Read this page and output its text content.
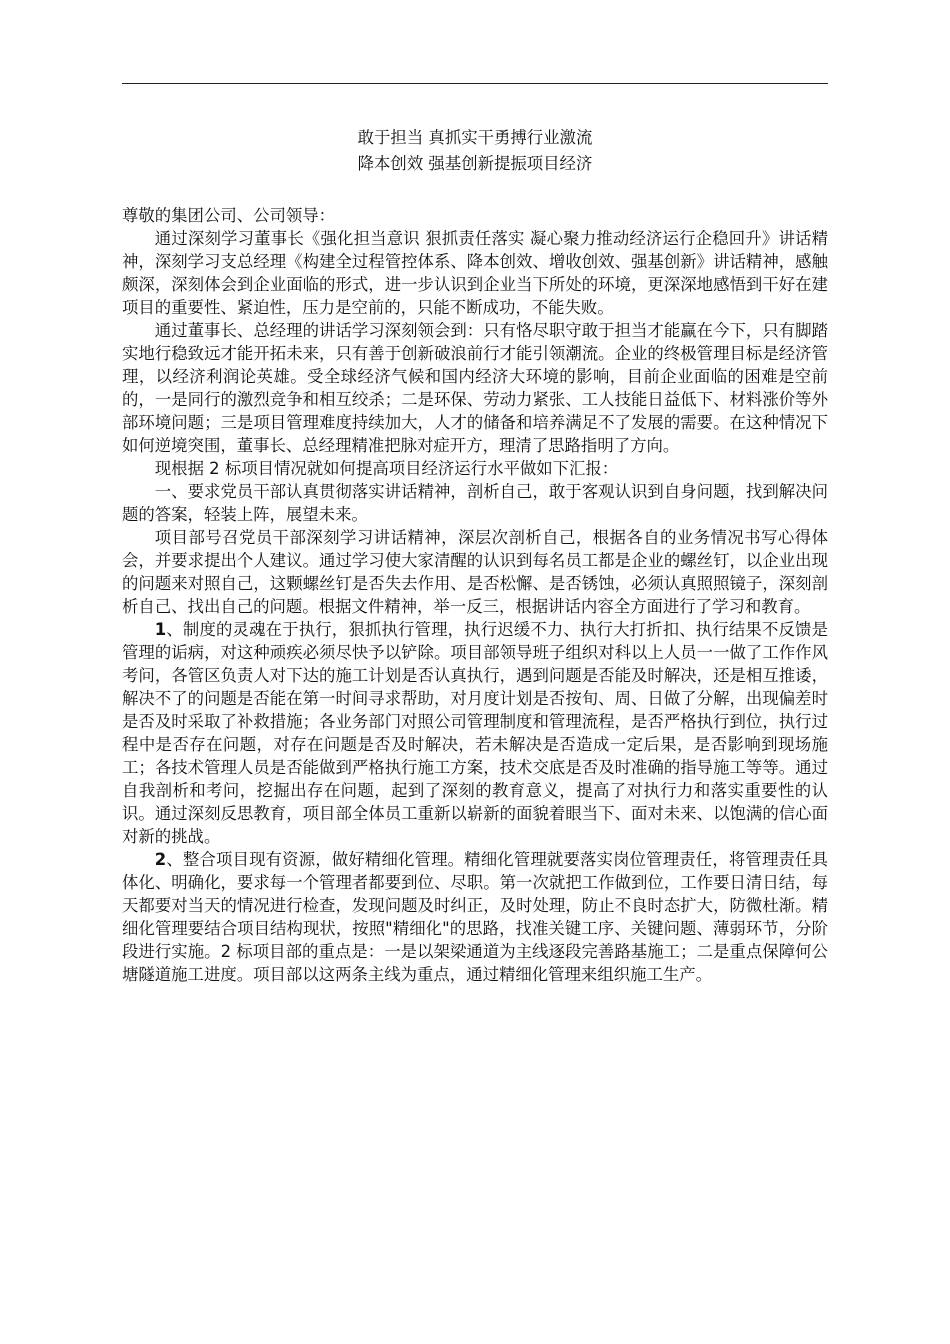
敢于担当 真抓实干勇搏行业激流
降本创效 强基创新提振项目经济

尊敬的集团公司、公司领导：

通过深刻学习董事长《强化担当意识 狠抓责任落实 凝心聚力推动经济运行企稳回升》讲话精神，深刻学习支总经理《构建全过程管控体系、降本创效、增收创效、强基创新》讲话精神，感触颇深，深刻体会到企业面临的形式，进一步认识到企业当下所处的环境，更深深地感悟到干好在建项目的重要性、紧迫性，压力是空前的，只能不断成功，不能失败。

通过董事长、总经理的讲话学习深刻领会到：只有恪尽职守敢于担当才能赢在今下，只有脚踏实地行稳致远才能开拓未来，只有善于创新破浪前行才能引领潮流。企业的终极管理目标是经济管理，以经济利润论英雄。受全球经济气候和国内经济大环境的影响，目前企业面临的困难是空前的，一是同行的激烈竞争和相互绞杀；二是环保、劳动力紧张、工人技能日益低下、材料涨价等外部环境问题；三是项目管理难度持续加大，人才的储备和培养满足不了发展的需要。在这种情况下如何逆境突围，董事长、总经理精准把脉对症开方，理清了思路指明了方向。

现根据 2 标项目情况就如何提高项目经济运行水平做如下汇报：

一、要求党员干部认真贯彻落实讲话精神，剖析自己，敢于客观认识到自身问题，找到解决问题的答案，轻装上阵，展望未来。

项目部号召党员干部深刻学习讲话精神，深层次剖析自己，根据各自的业务情况书写心得体会，并要求提出个人建议。通过学习使大家清醒的认识到每名员工都是企业的螺丝钉，以企业出现的问题来对照自己，这颗螺丝钉是否失去作用、是否松懈、是否锈蚀，必须认真照照镜子，深刻剖析自己、找出自己的问题。根据文件精神，举一反三，根据讲话内容全方面进行了学习和教育。

1、制度的灵魂在于执行，狠抓执行管理，执行迟缓不力、执行大打折扣、执行结果不反馈是管理的诟病，对这种顽疾必须尽快予以铲除。项目部领导班子组织对科以上人员一一做了工作作风考问，各管区负责人对下达的施工计划是否认真执行，遇到问题是否能及时解决，还是相互推诿，解决不了的问题是否能在第一时间寻求帮助，对月度计划是否按旬、周、日做了分解，出现偏差时是否及时采取了补救措施；各业务部门对照公司管理制度和管理流程，是否严格执行到位，执行过程中是否存在问题，对存在问题是否及时解决，若未解决是否造成一定后果，是否影响到现场施工；各技术管理人员是否能做到严格执行施工方案，技术交底是否及时准确的指导施工等等。通过自我剖析和考问，挖掘出存在问题，起到了深刻的教育意义，提高了对执行力和落实重要性的认识。通过深刻反思教育，项目部全体员工重新以崭新的面貌着眼当下、面对未来、以饱满的信心面对新的挑战。

2、整合项目现有资源，做好精细化管理。精细化管理就要落实岗位管理责任，将管理责任具体化、明确化，要求每一个管理者都要到位、尽职。第一次就把工作做到位，工作要日清日结，每天都要对当天的情况进行检查，发现问题及时纠正，及时处理，防止不良时态扩大，防微杜渐。精细化管理要结合项目结构现状，按照"精细化"的思路，找准关键工序、关键问题、薄弱环节，分阶段进行实施。2 标项目部的重点是：一是以架梁通道为主线逐段完善路基施工；二是重点保障何公塘隧道施工进度。项目部以这两条主线为重点，通过精细化管理来组织施工生产。
